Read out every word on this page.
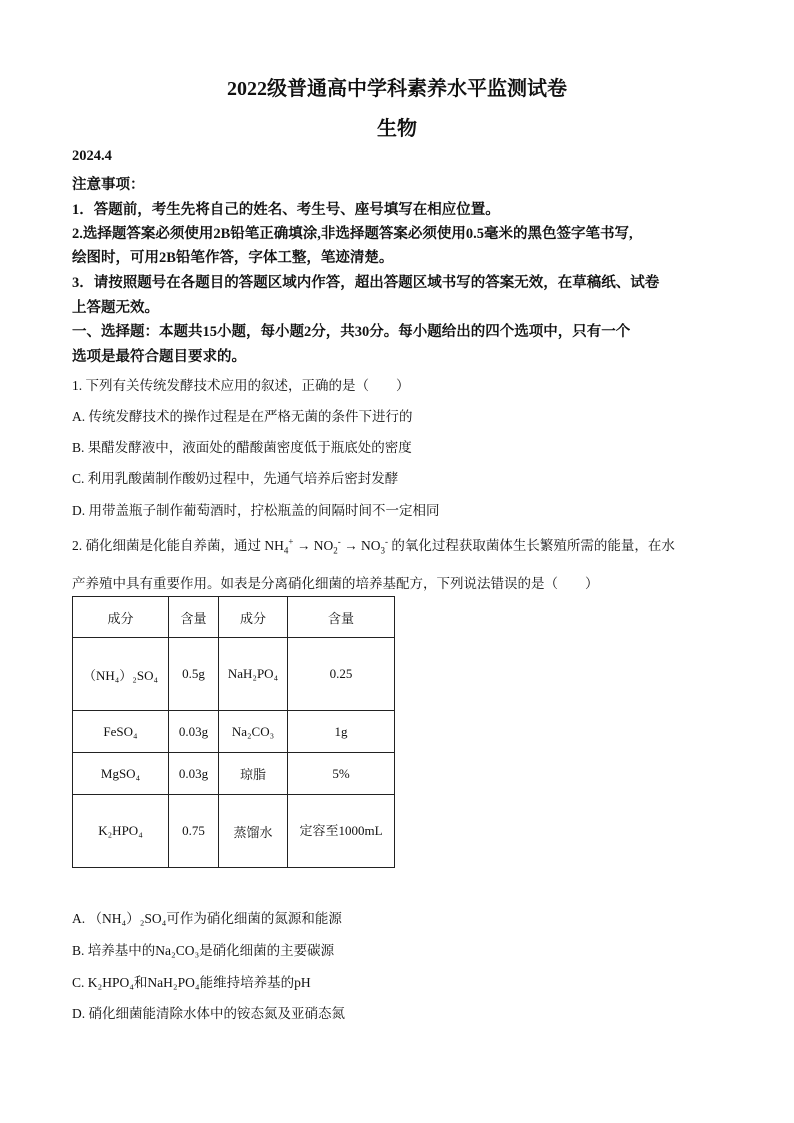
2022级普通高中学科素养水平监测试卷
生物
2024.4
注意事项：
1．答题前，考生先将自己的姓名、考生号、座号填写在相应位置。
2.选择题答案必须使用2B铅笔正确填涂,非选择题答案必须使用0.5毫米的黑色签字笔书写,
绘图时，可用2B铅笔作答，字体工整，笔迹清楚。
3．请按照题号在各题目的答题区域内作答，超出答题区域书写的答案无效，在草稿纸、试卷
上答题无效。
一、选择题：本题共15小题，每小题2分，共30分。每小题给出的四个选项中，只有一个
选项是最符合题目要求的。
1. 下列有关传统发酵技术应用的叙述，正确的是（　　）
A. 传统发酵技术的操作过程是在严格无菌的条件下进行的
B. 果醋发酵液中，液面处的醋酸菌密度低于瓶底处的密度
C. 利用乳酸菌制作酸奶过程中，先通气培养后密封发酵
D. 用带盖瓶子制作葡萄酒时，拧松瓶盖的间隔时间不一定相同
2. 硝化细菌是化能自养菌，通过 $NH_4^+ \to NO_2^- \to NO_3^-$ 的氧化过程获取菌体生长繁殖所需的能量，在水
产养殖中具有重要作用。如表是分离硝化细菌的培养基配方，下列说法错误的是（　　）
成分	含量	成分	含量
（NH₄）₂SO₄	0.5g	NaH₂PO₄	0.25
FeSO₄	0.03g	Na₂CO₃	1g
MgSO₄	0.03g	琼脂	5%
K₂HPO₄	0.75	蒸馏水	定容至1000mL
A. （NH₄）₂SO₄可作为硝化细菌的氮源和能源
B. 培养基中的Na₂CO₃是硝化细菌的主要碳源
C. K₂HPO₄和NaH₂PO₄能维持培养基的pH
D. 硝化细菌能清除水体中的铵态氮及亚硝态氮
